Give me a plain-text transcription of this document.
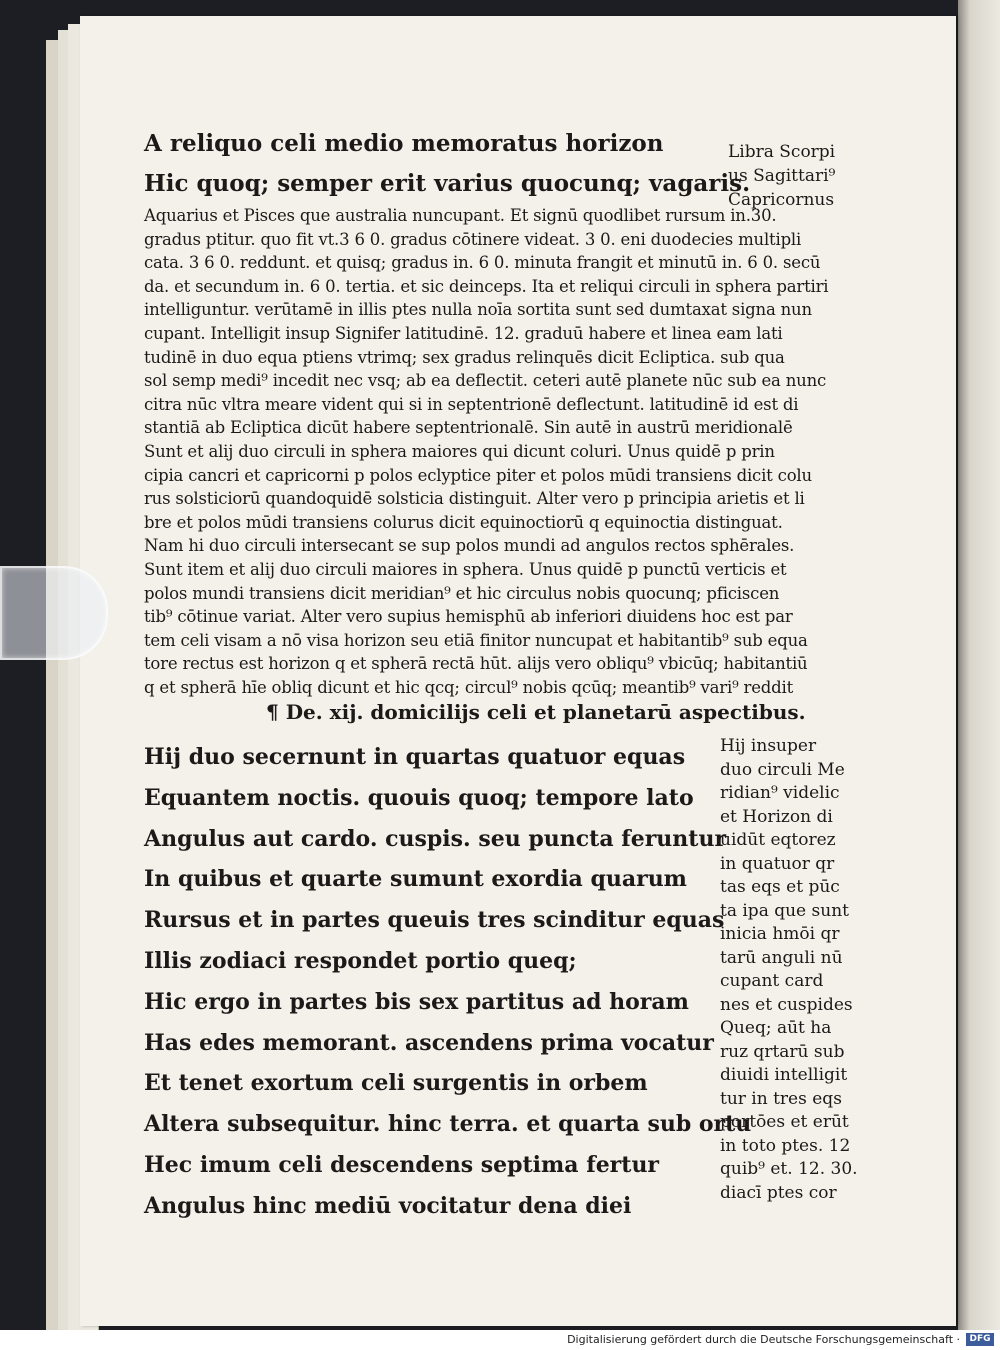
A reliquo celi medio memoratus horizon
Hic quoq; semper erit varius quocunq; vagaris.
Libra Scorpi
us Sagittari⁹
Capricornus
Aquarius et Pisces que australia nuncupant. Et signū quodlibet rursum in.30.
gradus ptitur. quo fit vt.3 6 0. gradus cōtinere videat. 3 0. eni duodecies multipli
cata. 3 6 0. reddunt. et quisq; gradus in. 6 0. minuta frangit et minutū in. 6 0. secū
da. et secundum in. 6 0. tertia. et sic deinceps. Ita et reliqui circuli in sphera partiri
intelliguntur. verūtamē in illis ptes nulla noīa sortita sunt sed dumtaxat signa nun
cupant. Intelligit insup Signifer latitudinē. 12. graduū habere et linea eam lati
tudinē in duo equa ptiens vtrimq; sex gradus relinquēs dicit Ecliptica. sub qua
sol semp medi⁹ incedit nec vsq; ab ea deflectit. ceteri autē planete nūc sub ea nunc
citra nūc vltra meare vident qui si in septentrionē deflectunt. latitudinē id est di
stantiā ab Ecliptica dicūt habere septentrionalē. Sin autē in austrū meridionalē
Sunt et alij duo circuli in sphera maiores qui dicunt coluri. Unus quidē p prin
cipia cancri et capricorni p polos eclyptice piter et polos mūdi transiens dicit colu
rus solsticiorū quandoquidē solsticia distinguit. Alter vero p principia arietis et li
bre et polos mūdi transiens colurus dicit equinoctiorū q equinoctia distinguat.
Nam hi duo circuli intersecant se sup polos mundi ad angulos rectos sphērales.
Sunt item et alij duo circuli maiores in sphera. Unus quidē p punctū verticis et
polos mundi transiens dicit meridian⁹ et hic circulus nobis quocunq; pficiscen
tib⁹ cōtinue variat. Alter vero supius hemisphū ab inferiori diuidens hoc est par
tem celi visam a nō visa horizon seu etiā finitor nuncupat et habitantib⁹ sub equa
tore rectus est horizon q et spherā rectā hūt. alijs vero obliqu⁹ vbicūq; habitantiū
q et spherā hīe obliq dicunt et hic qcq; circul⁹ nobis qcūq; meantib⁹ vari⁹ reddit
¶ De. xij. domicilijs celi et planetarū aspectibus.
Hij duo secernunt in quartas quatuor equas
Equantem noctis. quouis quoq; tempore lato
Angulus aut cardo. cuspis. seu puncta feruntur
In quibus et quarte sumunt exordia quarum
Rursus et in partes queuis tres scinditur equas
Illis zodiaci respondet portio queq;
Hic ergo in partes bis sex partitus ad horam
Has edes memorant. ascendens prima vocatur
Et tenet exortum celi surgentis in orbem
Altera subsequitur. hinc terra. et quarta sub ortu
Hec imum celi descendens septima fertur
Angulus hinc mediū vocitatur dena diei
Hij insuper
duo circuli Me
ridian⁹ videlic
et Horizon di
uidūt eqtorez
in quatuor qr
tas eqs et pūc
ta ipa que sunt
inicia hmōi qr
tarū anguli nū
cupant card
nes et cuspides
Queq; aūt ha
ruz qrtarū sub
diuidi intelligit
tur in tres eqs
portōes et erūt
in toto ptes. 12
quib⁹ et. 12. 30.
diacī ptes cor
Digitalisierung gefördert durch die Deutsche Forschungsgemeinschaft ·	DFG
